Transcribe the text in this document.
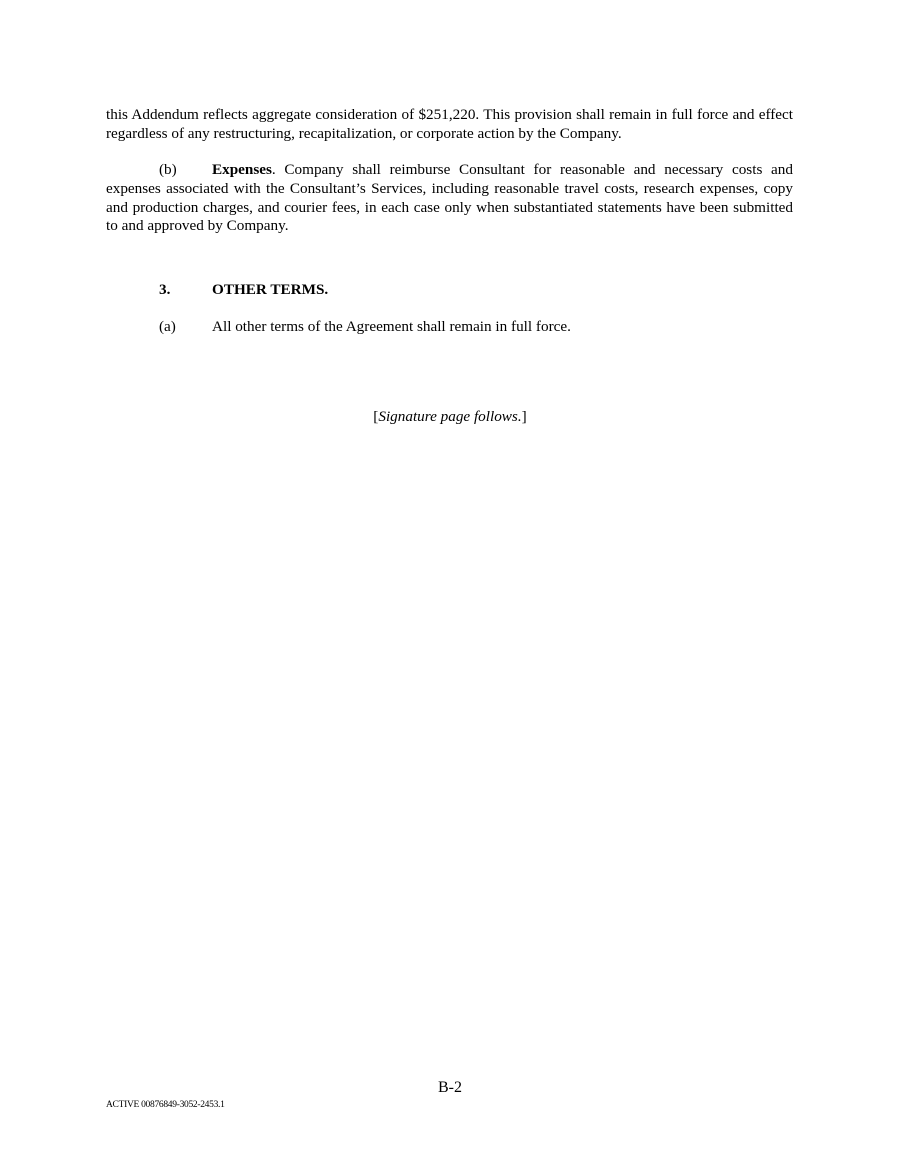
this Addendum reflects aggregate consideration of $251,220. This provision shall remain in full force and effect regardless of any restructuring, recapitalization, or corporate action by the Company.

(b) Expenses. Company shall reimburse Consultant for reasonable and necessary costs and expenses associated with the Consultant’s Services, including reasonable travel costs, research expenses, copy and production charges, and courier fees, in each case only when substantiated statements have been submitted to and approved by Company.

3.	OTHER TERMS.
(a) All other terms of the Agreement shall remain in full force.
[Signature page follows.]
B-2
ACTIVE 00876849-3052-2453.1
